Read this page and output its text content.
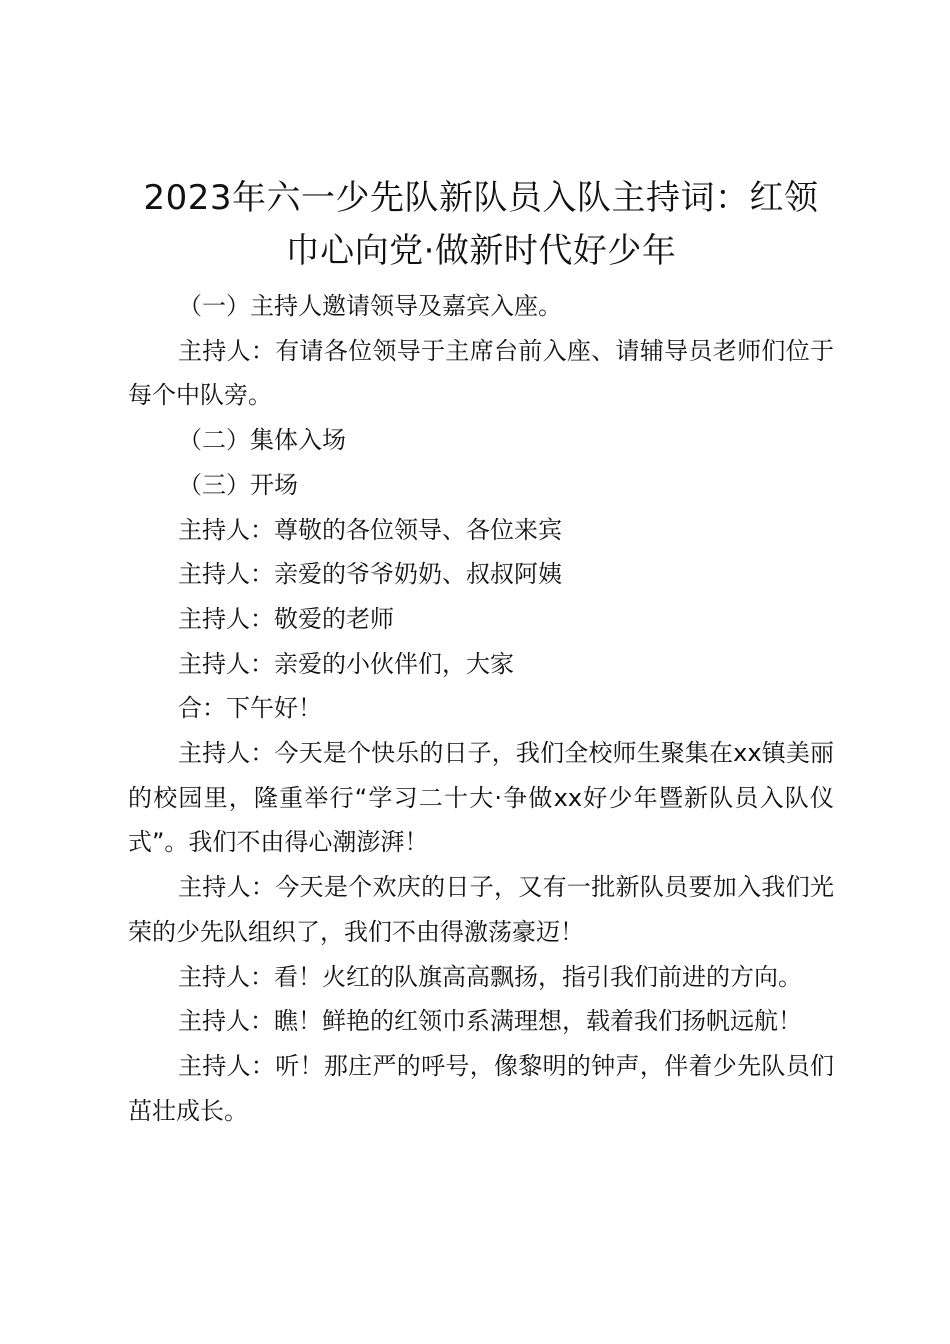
2023年六一少先队新队员入队主持词：红领
巾心向党·做新时代好少年

（一）主持人邀请领导及嘉宾入座。

主持人：有请各位领导于主席台前入座、请辅导员老师们位于每个中队旁。

（二）集体入场

（三）开场

主持人：尊敬的各位领导、各位来宾

主持人：亲爱的爷爷奶奶、叔叔阿姨

主持人：敬爱的老师

主持人：亲爱的小伙伴们，大家

合：下午好！

主持人：今天是个快乐的日子，我们全校师生聚集在xx镇美丽的校园里，隆重举行“学习二十大·争做xx好少年暨新队员入队仪式”。我们不由得心潮澎湃！

主持人：今天是个欢庆的日子，又有一批新队员要加入我们光荣的少先队组织了，我们不由得激荡豪迈！

主持人：看！火红的队旗高高飘扬，指引我们前进的方向。

主持人：瞧！鲜艳的红领巾系满理想，载着我们扬帆远航！

主持人：听！那庄严的呼号，像黎明的钟声，伴着少先队员们茁壮成长。
